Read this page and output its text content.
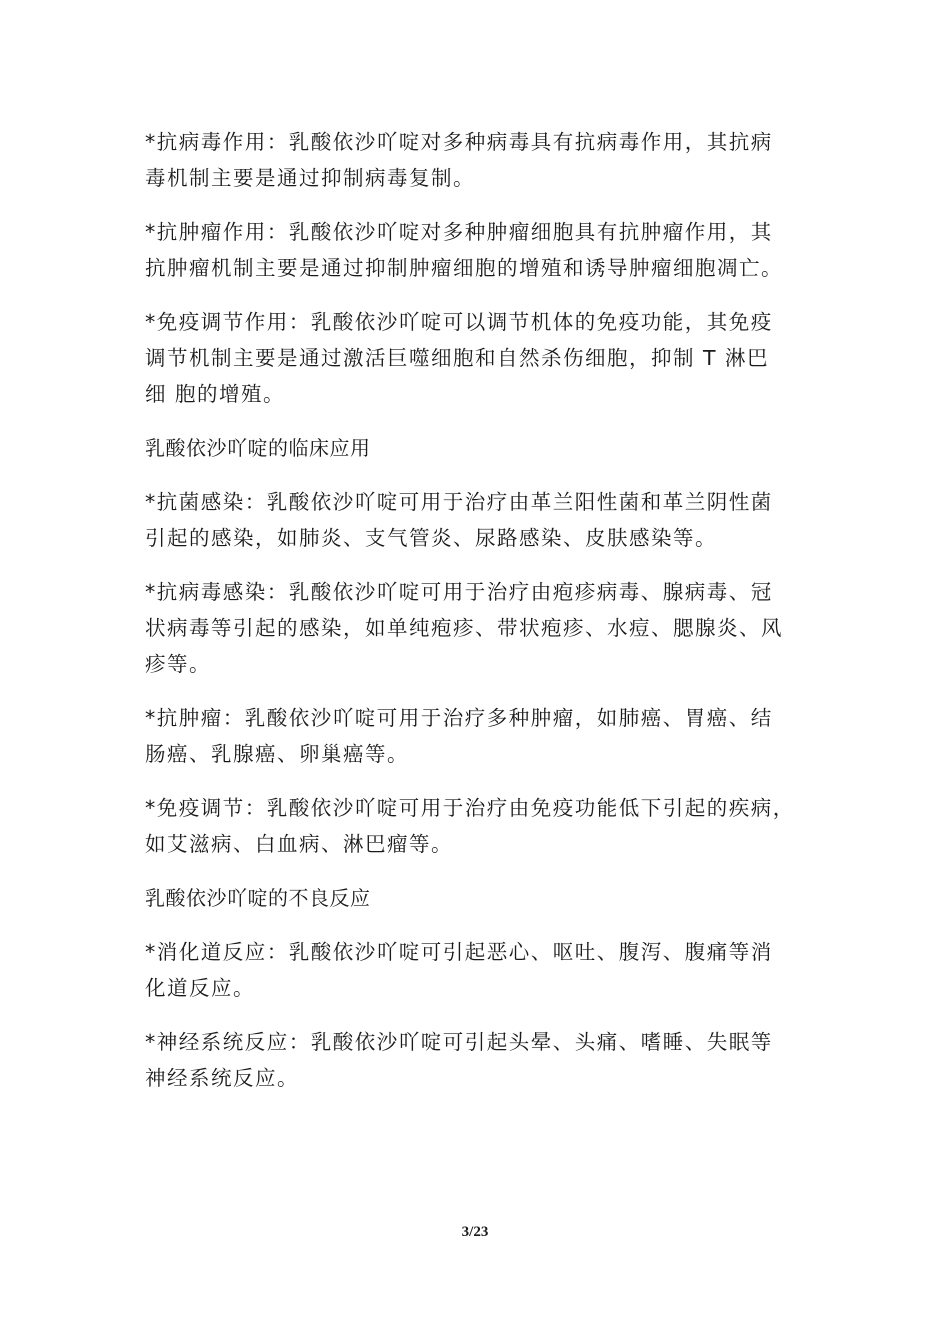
*抗病毒作用：乳酸依沙吖啶对多种病毒具有抗病毒作用，其抗病
毒机制主要是通过抑制病毒复制。
*抗肿瘤作用：乳酸依沙吖啶对多种肿瘤细胞具有抗肿瘤作用，其
抗肿瘤机制主要是通过抑制肿瘤细胞的增殖和诱导肿瘤细胞凋亡。
*免疫调节作用：乳酸依沙吖啶可以调节机体的免疫功能，其免疫
调节机制主要是通过激活巨噬细胞和自然杀伤细胞，抑制 T 淋巴
细 胞的增殖。
乳酸依沙吖啶的临床应用
*抗菌感染：乳酸依沙吖啶可用于治疗由革兰阳性菌和革兰阴性菌
引起的感染，如肺炎、支气管炎、尿路感染、皮肤感染等。
*抗病毒感染：乳酸依沙吖啶可用于治疗由疱疹病毒、腺病毒、冠
状病毒等引起的感染，如单纯疱疹、带状疱疹、水痘、腮腺炎、风
疹等。
*抗肿瘤：乳酸依沙吖啶可用于治疗多种肿瘤，如肺癌、胃癌、结
肠癌、乳腺癌、卵巢癌等。
*免疫调节：乳酸依沙吖啶可用于治疗由免疫功能低下引起的疾病，
如艾滋病、白血病、淋巴瘤等。
乳酸依沙吖啶的不良反应
*消化道反应：乳酸依沙吖啶可引起恶心、呕吐、腹泻、腹痛等消
化道反应。
*神经系统反应：乳酸依沙吖啶可引起头晕、头痛、嗜睡、失眠等
神经系统反应。
3/23
